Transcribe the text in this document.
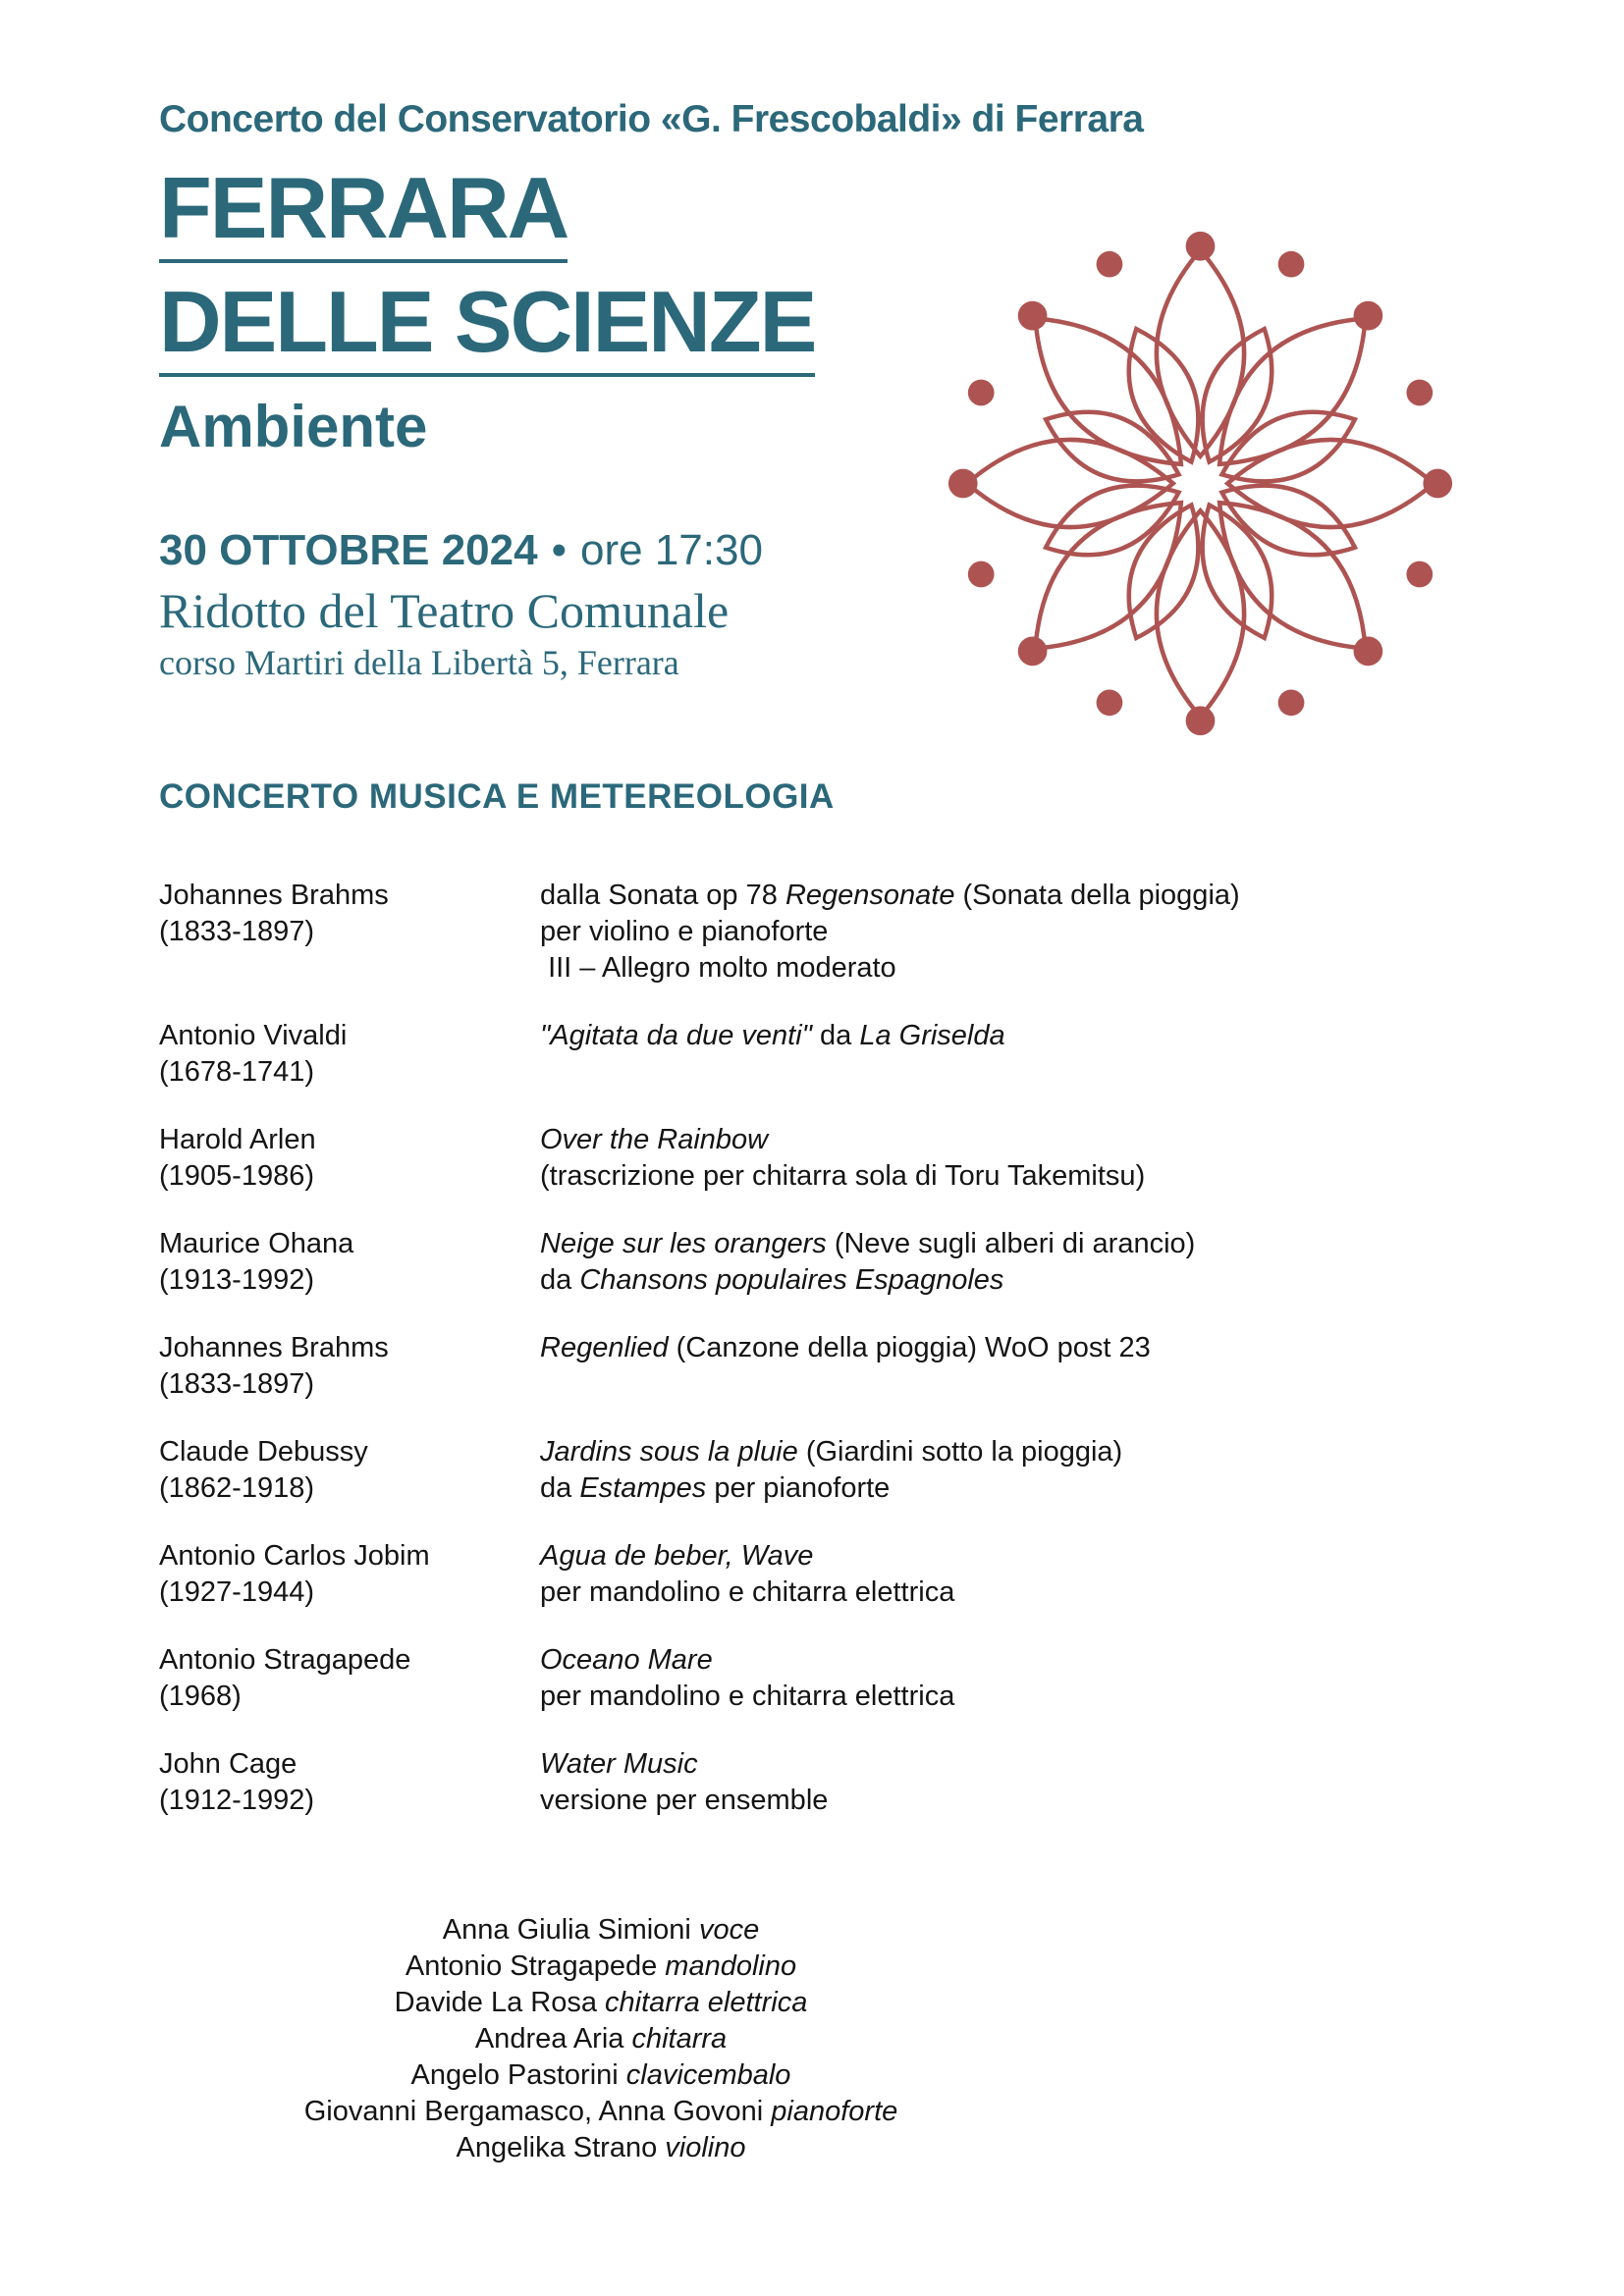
Concerto del Conservatorio «G. Frescobaldi» di Ferrara
FERRARA
DELLE SCIENZE
Ambiente
30 OTTOBRE 2024 • ore 17:30
Ridotto del Teatro Comunale
corso Martiri della Libertà 5, Ferrara
CONCERTO MUSICA E METEREOLOGIA
Johannes Brahms
(1833-1897)
dalla Sonata op 78 Regensonate (Sonata della pioggia)
per violino e pianoforte
III – Allegro molto moderato
Antonio Vivaldi
(1678-1741)
"Agitata da due venti" da La Griselda
Harold Arlen
(1905-1986)
Over the Rainbow
(trascrizione per chitarra sola di Toru Takemitsu)
Maurice Ohana
(1913-1992)
Neige sur les orangers (Neve sugli alberi di arancio)
da Chansons populaires Espagnoles
Johannes Brahms
(1833-1897)
Regenlied (Canzone della pioggia) WoO post 23
Claude Debussy
(1862-1918)
Jardins sous la pluie (Giardini sotto la pioggia)
da Estampes per pianoforte
Antonio Carlos Jobim
(1927-1944)
Agua de beber, Wave
per mandolino e chitarra elettrica
Antonio Stragapede
(1968)
Oceano Mare
per mandolino e chitarra elettrica
John Cage
(1912-1992)
Water Music
versione per ensemble
Anna Giulia Simioni voce
Antonio Stragapede mandolino
Davide La Rosa chitarra elettrica
Andrea Aria chitarra
Angelo Pastorini clavicembalo
Giovanni Bergamasco, Anna Govoni pianoforte
Angelika Strano violino
